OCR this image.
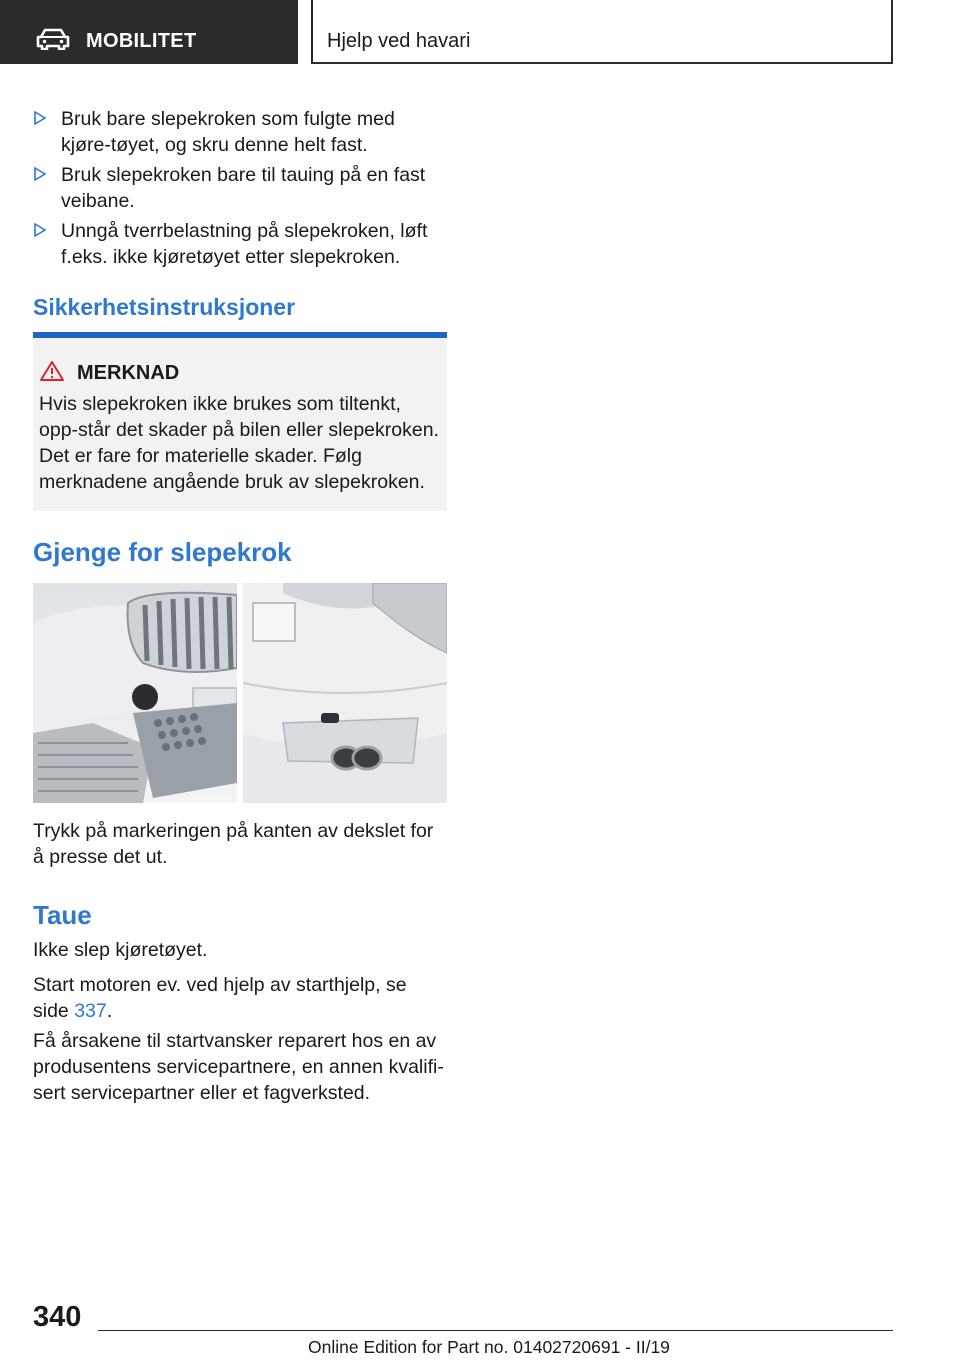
MOBILITET	Hjelp ved havari
Bruk bare slepekroken som fulgte med kjøre-tøyet, og skru denne helt fast.
Bruk slepekroken bare til tauing på en fast veibane.
Unngå tverrbelastning på slepekroken, løft f.eks. ikke kjøretøyet etter slepekroken.
Sikkerhetsinstruksjoner
MERKNAD
Hvis slepekroken ikke brukes som tiltenkt, opp-står det skader på bilen eller slepekroken. Det er fare for materielle skader. Følg merknadene angående bruk av slepekroken.
Gjenge for slepekrok
Trykk på markeringen på kanten av dekslet for å presse det ut.
Taue
Ikke slep kjøretøyet.
Start motoren ev. ved hjelp av starthjelp, se side 337.
Få årsakene til startvansker reparert hos en av produsentens servicepartnere, en annen kvalifi-sert servicepartner eller et fagverksted.
340
Online Edition for Part no. 01402720691 - II/19
